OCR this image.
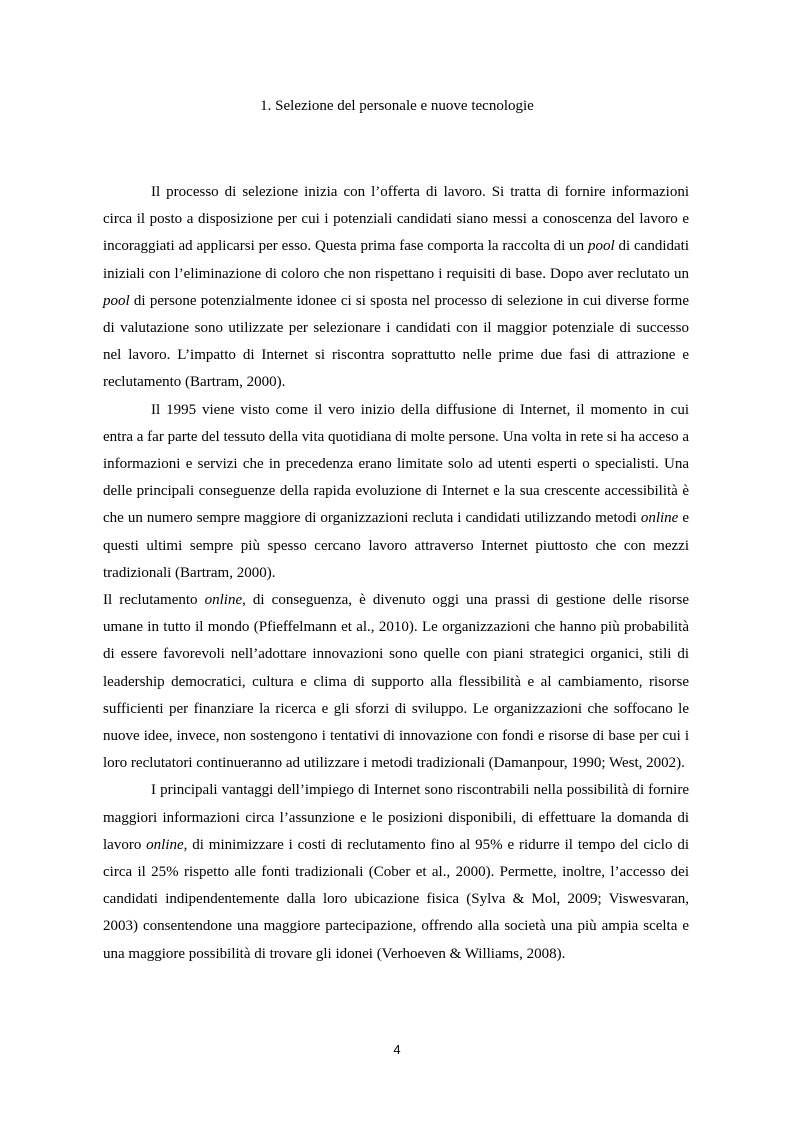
1. Selezione del personale e nuove tecnologie

Il processo di selezione inizia con l’offerta di lavoro. Si tratta di fornire informazioni circa il posto a disposizione per cui i potenziali candidati siano messi a conoscenza del lavoro e incoraggiati ad applicarsi per esso. Questa prima fase comporta la raccolta di un pool di candidati iniziali con l’eliminazione di coloro che non rispettano i requisiti di base. Dopo aver reclutato un pool di persone potenzialmente idonee ci si sposta nel processo di selezione in cui diverse forme di valutazione sono utilizzate per selezionare i candidati con il maggior potenziale di successo nel lavoro. L’impatto di Internet si riscontra soprattutto nelle prime due fasi di attrazione e reclutamento (Bartram, 2000).

Il 1995 viene visto come il vero inizio della diffusione di Internet, il momento in cui entra a far parte del tessuto della vita quotidiana di molte persone. Una volta in rete si ha acceso a informazioni e servizi che in precedenza erano limitate solo ad utenti esperti o specialisti. Una delle principali conseguenze della rapida evoluzione di Internet e la sua crescente accessibilità è che un numero sempre maggiore di organizzazioni recluta i candidati utilizzando metodi online e questi ultimi sempre più spesso cercano lavoro attraverso Internet piuttosto che con mezzi tradizionali (Bartram, 2000).

Il reclutamento online, di conseguenza, è divenuto oggi una prassi di gestione delle risorse umane in tutto il mondo (Pfieffelmann et al., 2010). Le organizzazioni che hanno più probabilità di essere favorevoli nell’adottare innovazioni sono quelle con piani strategici organici, stili di leadership democratici, cultura e clima di supporto alla flessibilità e al cambiamento, risorse sufficienti per finanziare la ricerca e gli sforzi di sviluppo. Le organizzazioni che soffocano le nuove idee, invece, non sostengono i tentativi di innovazione con fondi e risorse di base per cui i loro reclutatori continueranno ad utilizzare i metodi tradizionali (Damanpour, 1990; West, 2002).

I principali vantaggi dell’impiego di Internet sono riscontrabili nella possibilità di fornire maggiori informazioni circa l’assunzione e le posizioni disponibili, di effettuare la domanda di lavoro online, di minimizzare i costi di reclutamento fino al 95% e ridurre il tempo del ciclo di circa il 25% rispetto alle fonti tradizionali (Cober et al., 2000). Permette, inoltre, l’accesso dei candidati indipendentemente dalla loro ubicazione fisica (Sylva & Mol, 2009; Viswesvaran, 2003) consentendone una maggiore partecipazione, offrendo alla società una più ampia scelta e una maggiore possibilità di trovare gli idonei (Verhoeven & Williams, 2008).

4
